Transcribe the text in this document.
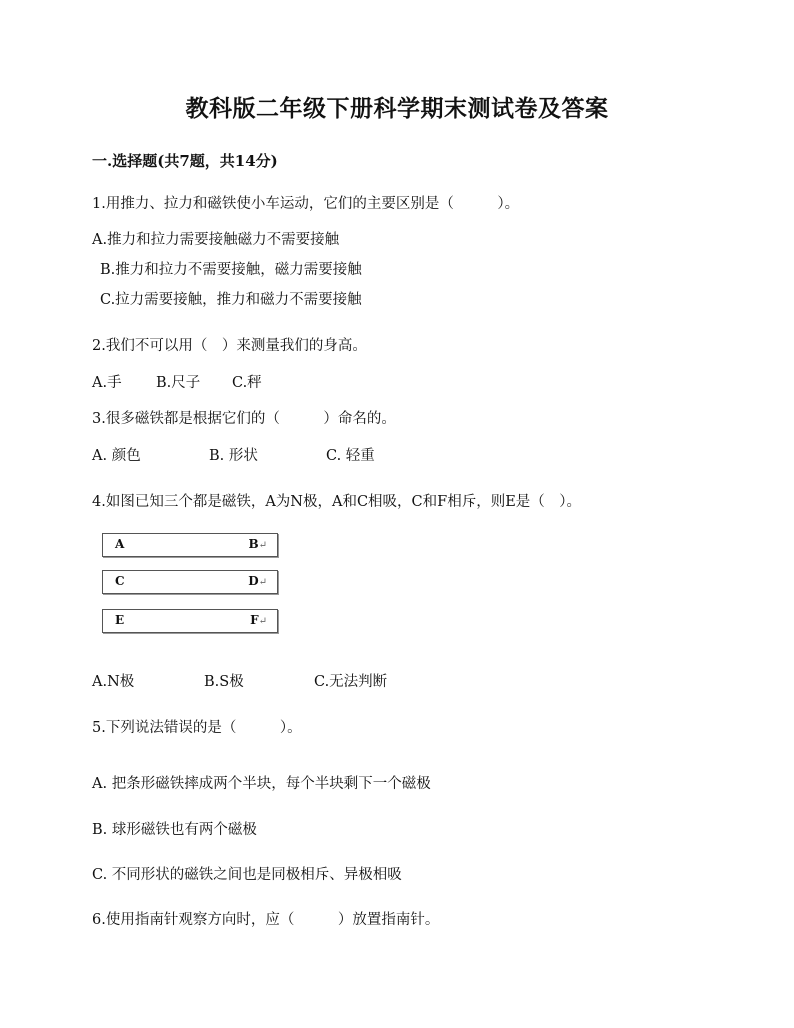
教科版二年级下册科学期末测试卷及答案
一.选择题(共7题，共14分)
1.用推力、拉力和磁铁使小车运动，它们的主要区别是（　　　）。
A.推力和拉力需要接触磁力不需要接触
B.推力和拉力不需要接触，磁力需要接触
C.拉力需要接触，推力和磁力不需要接触
2.我们不可以用（　）来测量我们的身高。
A.手 B.尺子 C.秤
3.很多磁铁都是根据它们的（　　　）命名的。
A. 颜色	B. 形状	C. 轻重
4.如图已知三个都是磁铁，A为N极，A和C相吸，C和F相斥，则E是（　）。
A	B↵
C	D↵
E	F↵
A.N极	B.S极	C.无法判断
5.下列说法错误的是（　　　）。
A. 把条形磁铁摔成两个半块，每个半块剩下一个磁极
B. 球形磁铁也有两个磁极
C. 不同形状的磁铁之间也是同极相斥、异极相吸
6.使用指南针观察方向时，应（　　　）放置指南针。
